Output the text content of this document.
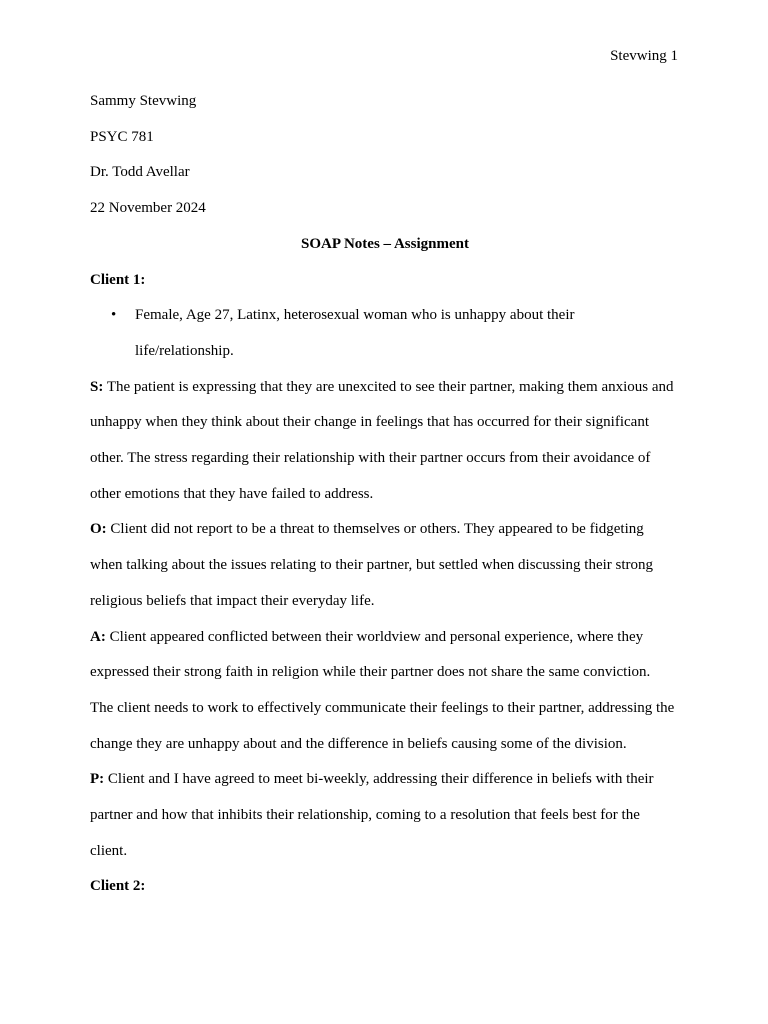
Stevwing 1

Sammy Stevwing

PSYC 781

Dr. Todd Avellar

22 November 2024

SOAP Notes – Assignment

Client 1:

• Female, Age 27, Latinx, heterosexual woman who is unhappy about their

life/relationship.

S: The patient is expressing that they are unexcited to see their partner, making them anxious and

unhappy when they think about their change in feelings that has occurred for their significant

other. The stress regarding their relationship with their partner occurs from their avoidance of

other emotions that they have failed to address.

O: Client did not report to be a threat to themselves or others. They appeared to be fidgeting

when talking about the issues relating to their partner, but settled when discussing their strong

religious beliefs that impact their everyday life.

A: Client appeared conflicted between their worldview and personal experience, where they

expressed their strong faith in religion while their partner does not share the same conviction.

The client needs to work to effectively communicate their feelings to their partner, addressing the

change they are unhappy about and the difference in beliefs causing some of the division.

P: Client and I have agreed to meet bi-weekly, addressing their difference in beliefs with their

partner and how that inhibits their relationship, coming to a resolution that feels best for the

client.

Client 2:
